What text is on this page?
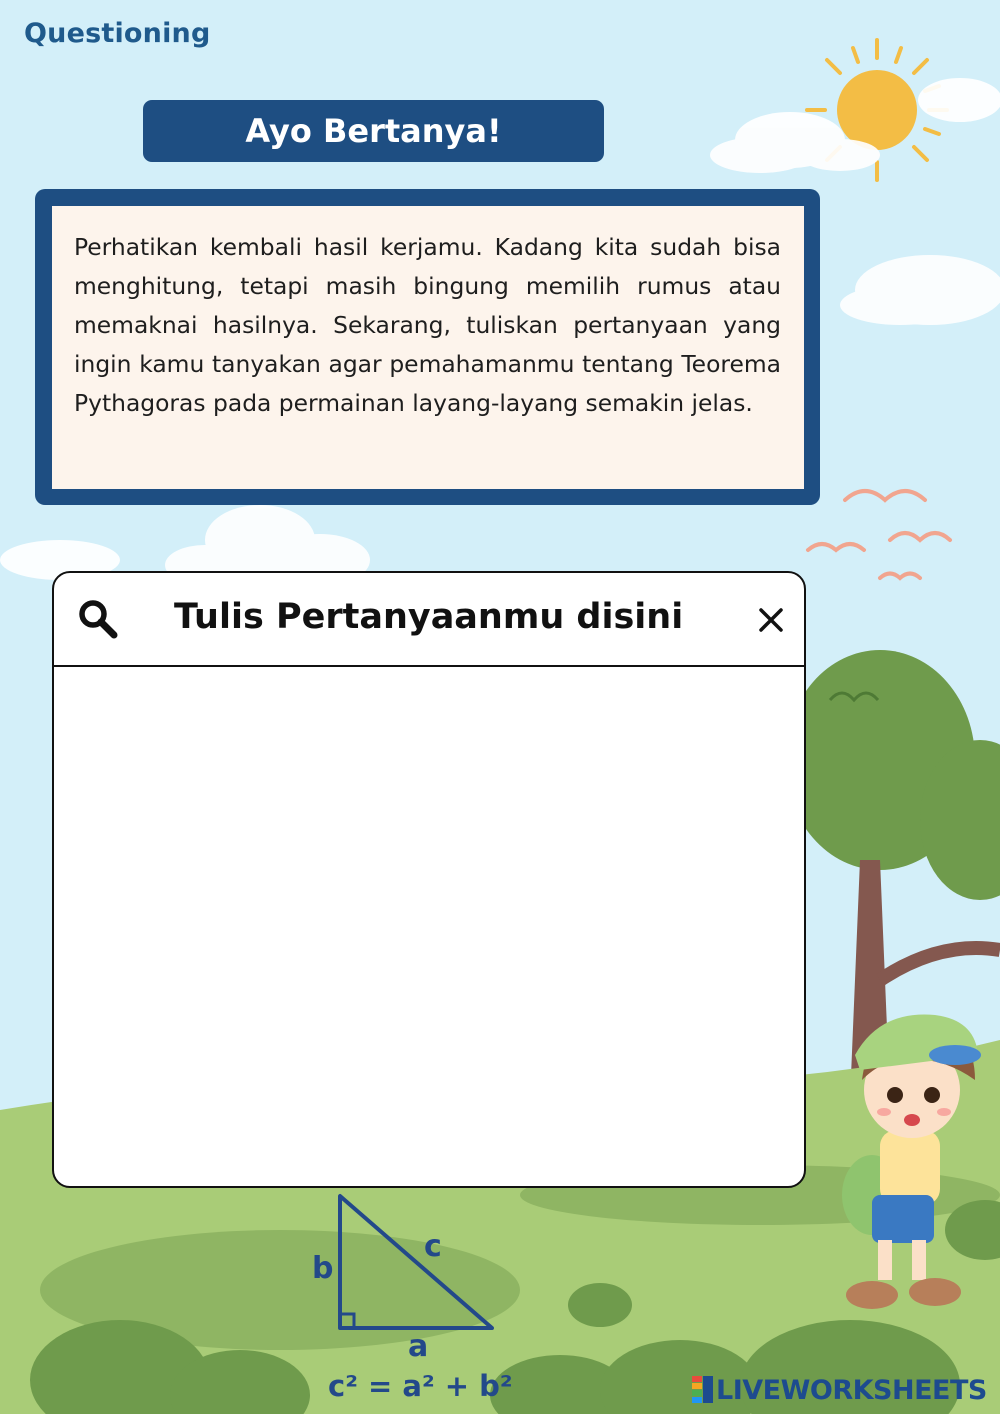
Questioning
Ayo Bertanya!

Perhatikan kembali hasil kerjamu. Kadang kita sudah bisa menghitung, tetapi masih bingung memilih rumus atau memaknai hasilnya. Sekarang, tuliskan pertanyaan yang ingin kamu tanyakan agar pemahamanmu tentang Teorema Pythagoras pada permainan layang-layang semakin jelas.

Tulis Pertanyaanmu disini
b
c
a
c² = a² + b²	LIVEWORKSHEETS
